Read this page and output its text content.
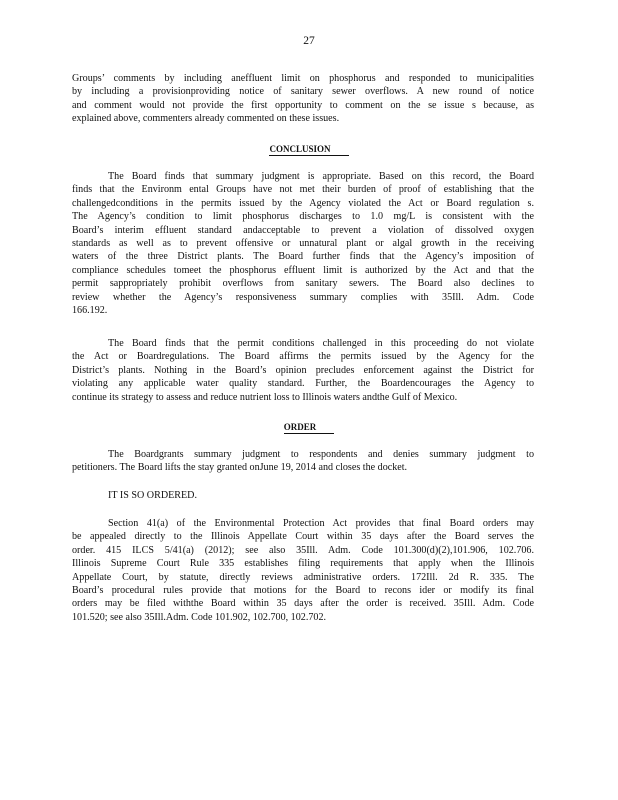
27

Groups’ comments by including aneffluent limit on phosphorus and responded to municipalities
by including a provisionproviding notice of sanitary sewer overflows. A new round of notice
and comment would not provide the first opportunity to comment on the se issue s because, as
explained above, commenters already commented on these issues.

CONCLUSION

The Board finds that summary judgment is appropriate. Based on this record, the Board
finds that the Environm ental Groups have not met their burden of proof of establishing that the
challengedconditions in the permits issued by the Agency violated the Act or Board regulation s.
The Agency’s condition to limit phosphorus discharges to 1.0 mg/L is consistent with the
Board’s interim effluent standard andacceptable to prevent a violation of dissolved oxygen
standards as well as to prevent offensive or unnatural plant or algal growth in the receiving
waters of the three District plants. The Board further finds that the Agency’s imposition of
compliance schedules tomeet the phosphorus effluent limit is authorized by the Act and that the
permit sappropriately prohibit overflows from sanitary sewers. The Board also declines to
review whether the Agency’s responsiveness summary complies with 35Ill. Adm. Code
166.192.

The Board finds that the permit conditions challenged in this proceeding do not violate
the Act or Boardregulations. The Board affirms the permits issued by the Agency for the
District’s plants. Nothing in the Board’s opinion precludes enforcement against the District for
violating any applicable water quality standard. Further, the Boardencourages the Agency to
continue its strategy to assess and reduce nutrient loss to Illinois waters andthe Gulf of Mexico.

ORDER

The Boardgrants summary judgment to respondents and denies summary judgment to
petitioners. The Board lifts the stay granted onJune 19, 2014 and closes the docket.

IT IS SO ORDERED.

Section 41(a) of the Environmental Protection Act provides that final Board orders may
be appealed directly to the Illinois Appellate Court within 35 days after the Board serves the
order. 415 ILCS 5/41(a) (2012); see also 35Ill. Adm. Code 101.300(d)(2),101.906, 102.706.
Illinois Supreme Court Rule 335 establishes filing requirements that apply when the Illinois
Appellate Court, by statute, directly reviews administrative orders. 172Ill. 2d R. 335. The
Board’s procedural rules provide that motions for the Board to recons ider or modify its final
orders may be filed withthe Board within 35 days after the order is received. 35Ill. Adm. Code
101.520; see also 35Ill.Adm. Code 101.902, 102.700, 102.702.
